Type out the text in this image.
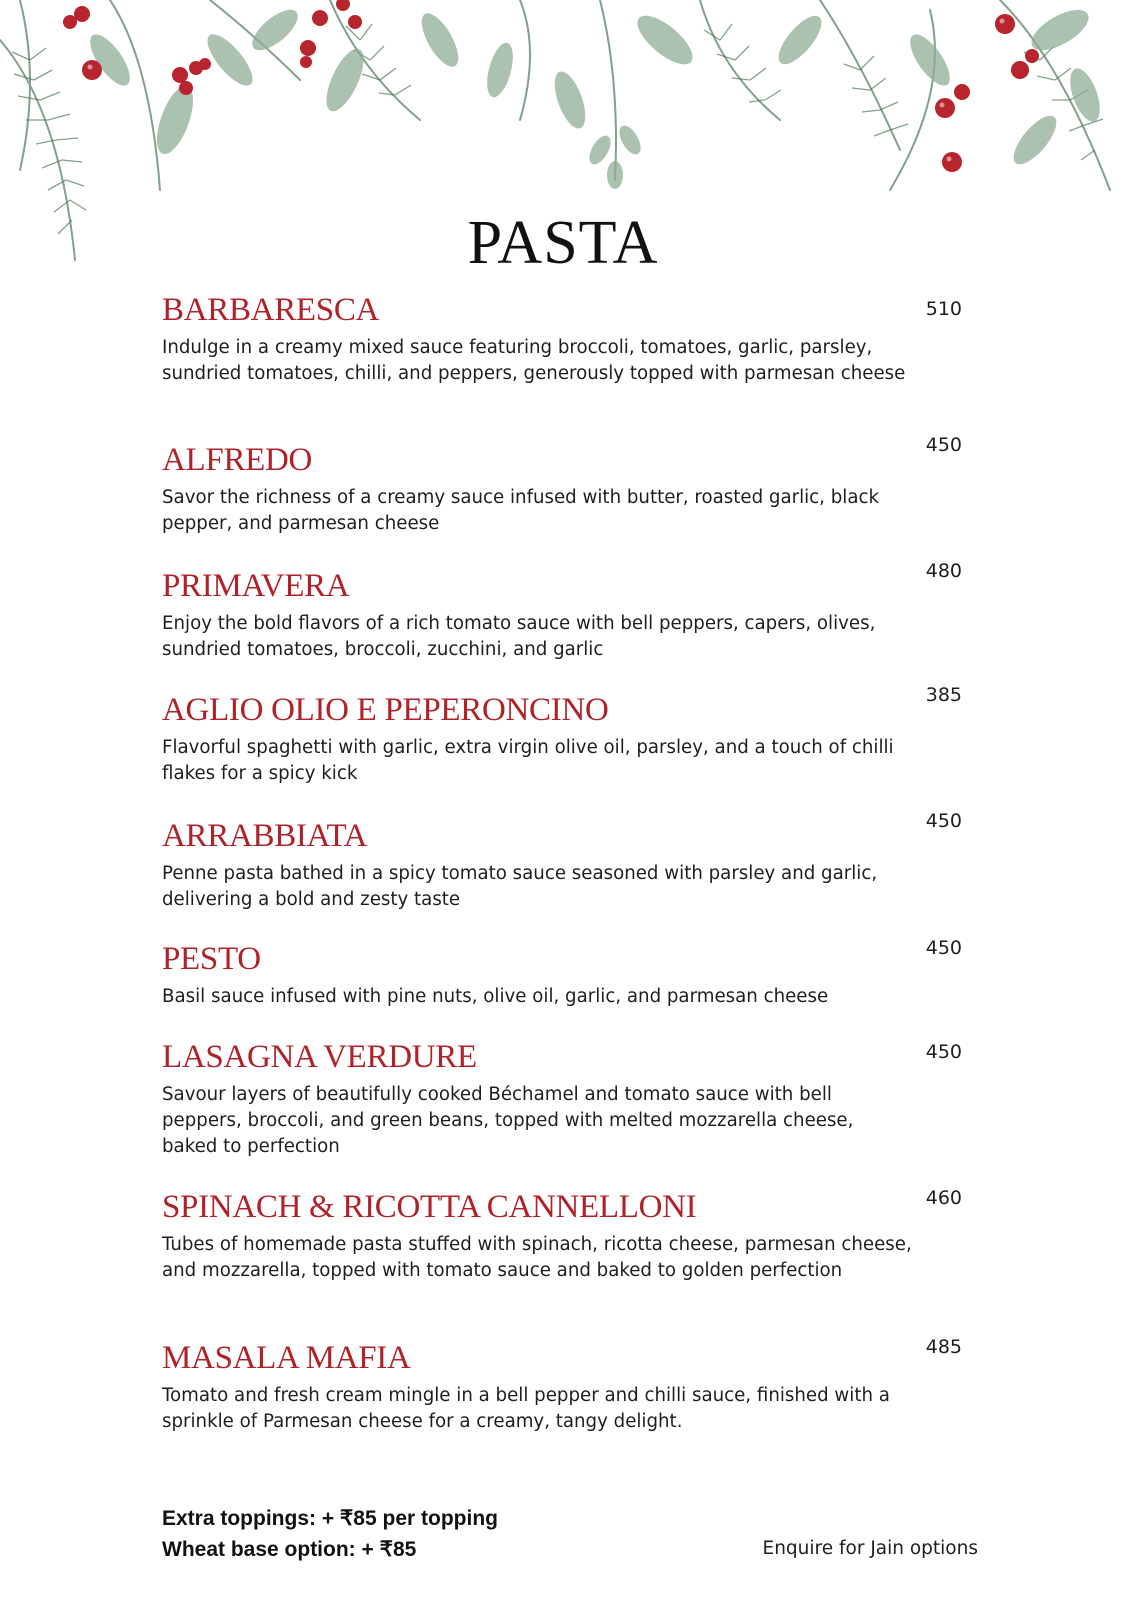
PASTA
BARBARESCA	510
Indulge in a creamy mixed sauce featuring broccoli, tomatoes, garlic, parsley, sundried tomatoes, chilli, and peppers, generously topped with parmesan cheese
ALFREDO	450
Savor the richness of a creamy sauce infused with butter, roasted garlic, black pepper, and parmesan cheese
PRIMAVERA	480
Enjoy the bold flavors of a rich tomato sauce with bell peppers, capers, olives, sundried tomatoes, broccoli, zucchini, and garlic
AGLIO OLIO E PEPERONCINO	385
Flavorful spaghetti with garlic, extra virgin olive oil, parsley, and a touch of chilli flakes for a spicy kick
ARRABBIATA	450
Penne pasta bathed in a spicy tomato sauce seasoned with parsley and garlic, delivering a bold and zesty taste
PESTO	450
Basil sauce infused with pine nuts, olive oil, garlic, and parmesan cheese
LASAGNA VERDURE	450
Savour layers of beautifully cooked Béchamel and tomato sauce with bell peppers, broccoli, and green beans, topped with melted mozzarella cheese, baked to perfection
SPINACH & RICOTTA CANNELLONI	460
Tubes of homemade pasta stuffed with spinach, ricotta cheese, parmesan cheese, and mozzarella, topped with tomato sauce and baked to golden perfection
MASALA MAFIA	485
Tomato and fresh cream mingle in a bell pepper and chilli sauce, finished with a sprinkle of Parmesan cheese for a creamy, tangy delight.
Extra toppings: + ₹85 per topping
Wheat base option: + ₹85	Enquire for Jain options
